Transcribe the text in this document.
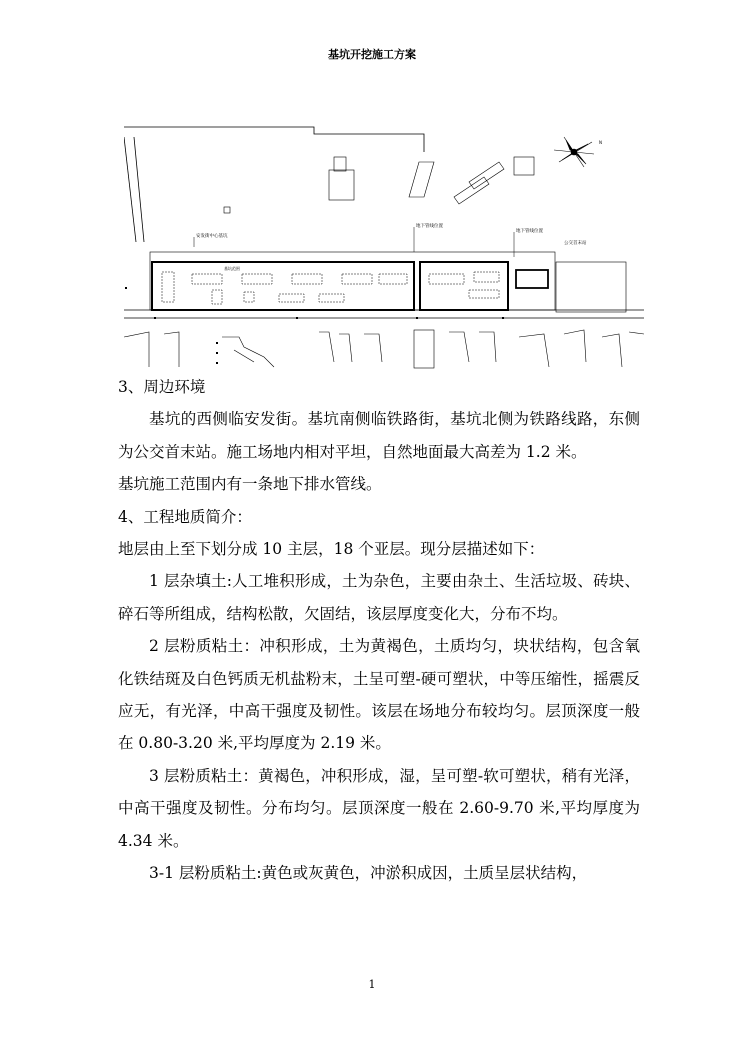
基坑开挖施工方案
N
安发街中心基坑
地下管线位置
地下管线位置
公交首末站
基坑范围

3、周边环境

基坑的西侧临安发街。基坑南侧临铁路街，基坑北侧为铁路线路，东侧为公交首末站。施工场地内相对平坦，自然地面最大高差为 1.2 米。

基坑施工范围内有一条地下排水管线。

4、工程地质简介：

地层由上至下划分成 10 主层，18 个亚层。现分层描述如下：

1 层杂填土:人工堆积形成，土为杂色，主要由杂土、生活垃圾、砖块、碎石等所组成，结构松散，欠固结，该层厚度变化大，分布不均。

2 层粉质粘土：冲积形成，土为黄褐色，土质均匀，块状结构，包含氧化铁结斑及白色钙质无机盐粉末，土呈可塑-硬可塑状，中等压缩性，摇震反应无，有光泽，中高干强度及韧性。该层在场地分布较均匀。层顶深度一般在 0.80-3.20 米,平均厚度为 2.19 米。

3 层粉质粘土：黄褐色，冲积形成，湿，呈可塑-软可塑状，稍有光泽，中高干强度及韧性。分布均匀。层顶深度一般在 2.60-9.70 米,平均厚度为 4.34 米。

3-1 层粉质粘土:黄色或灰黄色，冲淤积成因，土质呈层状结构，

1
